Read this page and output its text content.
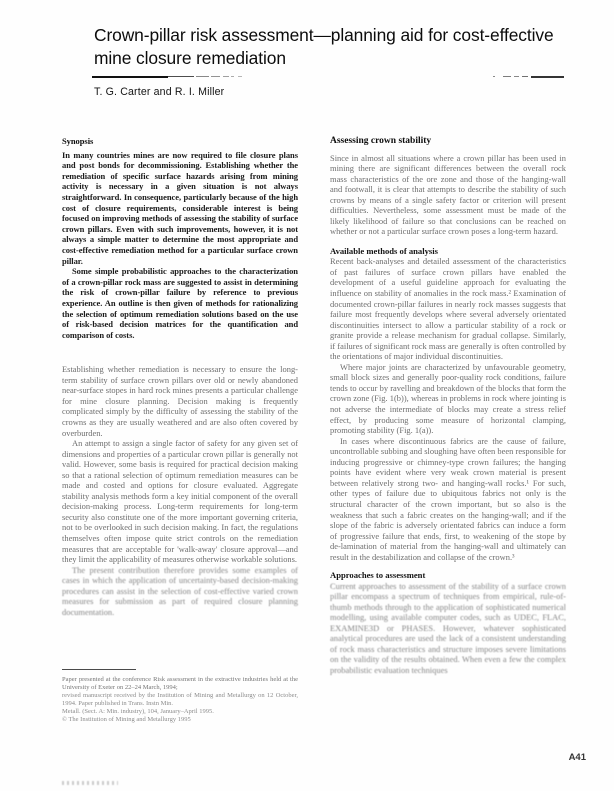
Crown-pillar risk assessment—planning aid for cost-effective mine closure remediation
T. G. Carter and R. I. Miller
Synopsis

In many countries mines are now required to file closure plans and post bonds for decommissioning. Establishing whether the remediation of specific surface hazards arising from mining activity is necessary in a given situation is not always straightforward. In consequence, particularly because of the high cost of closure requirements, considerable interest is being focused on improving methods of assessing the stability of surface crown pillars. Even with such improvements, however, it is not always a simple matter to determine the most appropriate and cost-effective remediation method for a particular surface crown pillar.

Some simple probabilistic approaches to the characterization of a crown-pillar rock mass are suggested to assist in determining the risk of crown-pillar failure by reference to previous experience. An outline is then given of methods for rationalizing the selection of optimum remediation solutions based on the use of risk-based decision matrices for the quantification and comparison of costs.

Establishing whether remediation is necessary to ensure the long-term stability of surface crown pillars over old or newly abandoned near-surface stopes in hard rock mines presents a particular challenge for mine closure planning. Decision making is frequently complicated simply by the difficulty of assessing the stability of the crowns as they are usually weathered and are also often covered by overburden.

An attempt to assign a single factor of safety for any given set of dimensions and properties of a particular crown pillar is generally not valid. However, some basis is required for practical decision making so that a rational selection of optimum remediation measures can be made and costed and options for closure evaluated. Aggregate stability analysis methods form a key initial component of the overall decision-making process. Long-term requirements for long-term security also constitute one of the more important governing criteria, not to be overlooked in such decision making. In fact, the regulations themselves often impose quite strict controls on the remediation measures that are acceptable for 'walk-away' closure approval—and they limit the applicability of measures otherwise workable solutions.

The present contribution therefore provides some examples of cases in which the application of uncertainty-based decision-making procedures can assist in the selection of cost-effective varied crown measures for submission as part of required closure planning documentation.

Assessing crown stability

Since in almost all situations where a crown pillar has been used in mining there are significant differences between the overall rock mass characteristics of the ore zone and those of the hanging-wall and footwall, it is clear that attempts to describe the stability of such crowns by means of a single safety factor or criterion will present difficulties. Nevertheless, some assessment must be made of the likely likelihood of failure so that conclusions can be reached on whether or not a particular surface crown poses a long-term hazard.

Available methods of analysis

Recent back-analyses and detailed assessment of the characteristics of past failures of surface crown pillars have enabled the development of a useful guideline approach for evaluating the influence on stability of anomalies in the rock mass.² Examination of documented crown-pillar failures in nearly rock masses suggests that failure most frequently develops where several adversely orientated discontinuities intersect to allow a particular stability of a rock or granite provide a release mechanism for gradual collapse. Similarly, if failures of significant rock mass are generally is often controlled by the orientations of major individual discontinuities.

Where major joints are characterized by unfavourable geometry, small block sizes and generally poor-quality rock conditions, failure tends to occur by ravelling and breakdown of the blocks that form the crown zone (Fig. 1(b)), whereas in problems in rock where jointing is not adverse the intermediate of blocks may create a stress relief effect, by producing some measure of horizontal clamping, promoting stability (Fig. 1(a)).

In cases where discontinuous fabrics are the cause of failure, uncontrollable subbing and sloughing have often been responsible for inducing progressive or chimney-type crown failures; the hanging points have evident where very weak crown material is present between relatively strong two- and hanging-wall rocks.¹ For such, other types of failure due to ubiquitous fabrics not only is the structural character of the crown important, but so also is the weakness that such a fabric creates on the hanging-wall; and if the slope of the fabric is adversely orientated fabrics can induce a form of progressive failure that ends, first, to weakening of the stope by de-lamination of material from the hanging-wall and ultimately can result in the destabilization and collapse of the crown.³

Approaches to assessment

Current approaches to assessment of the stability of a surface crown pillar encompass a spectrum of techniques from empirical, rule-of-thumb methods through to the application of sophisticated numerical modelling, using available computer codes, such as UDEC, FLAC, EXAMINE3D or PHASES. However, whatever sophisticated analytical procedures are used the lack of a consistent understanding of rock mass characteristics and structure imposes severe limitations on the validity of the results obtained. When even a few the complex probabilistic evaluation techniques

Paper presented at the conference Risk assessment in the extractive industries held at the University of Exeter on 22–24 March, 1994;

revised manuscript received by the Institution of Mining and Metallurgy on 12 October, 1994. Paper published in Trans. Instn Min.

Metall. (Sect. A: Min. industry), 104, January–April 1995.

© The Institution of Mining and Metallurgy 1995

A41
